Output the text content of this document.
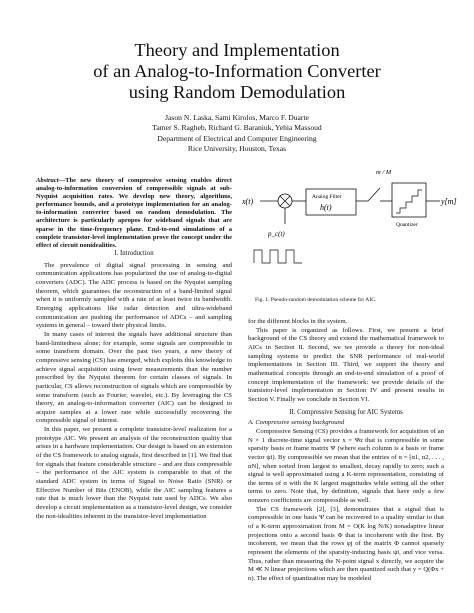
Theory and Implementation
of an Analog-to-Information Converter
using Random Demodulation
Jason N. Laska, Sami Kirolos, Marco F. Duarte
Tamer S. Ragheb, Richard G. Baraniuk, Yehia Massoud
Department of Electrical and Computer Engineering
Rice University, Houston, Texas
Abstract—The new theory of compressive sensing enables direct analog-to-information conversion of compressible signals at sub-Nyquist acquisition rates. We develop new theory, algorithms, performance bounds, and a prototype implementation for an analog-to-information converter based on random demodulation. The architecture is particularly apropos for wideband signals that are sparse in the time-frequency plane. End-to-end simulations of a complete transistor-level implementation prove the concept under the effect of circuit nonidealities.
I. Introduction

The prevalence of digital signal processing in sensing and communication applications has popularized the use of analog-to-digital converters (ADC). The ADC process is based on the Nyquist sampling theorem, which guarantees the reconstruction of a band-limited signal when it is uniformly sampled with a rate of at least twice its bandwidth. Emerging applications like radar detection and ultra-wideband communication are pushing the performance of ADCs – and sampling systems in general – toward their physical limits.

In many cases of interest the signals have additional structure than band-limitedness alone; for example, some signals are compressible in some transform domain. Over the past two years, a new theory of compressive sensing (CS) has emerged, which exploits this knowledge to achieve signal acquisition using fewer measurements than the number prescribed by the Nyquist theorem for certain classes of signals. In particular, CS allows reconstruction of signals which are compressible by some transform (such as Fourier, wavelet, etc.). By leveraging the CS theory, an analog-to-information converter (AIC) can be designed to acquire samples at a lower rate while successfully recovering the compressible signal of interest.

In this paper, we present a complete transistor-level realization for a prototype AIC. We present an analysis of the reconstruction quality that arises in a hardware implementation. Our design is based on an extension of the CS framework to analog signals, first described in [1]. We find that for signals that feature considerable structure – and are thus compressible – the performance of the AIC system is comparable to that of the standard ADC system in terms of Signal to Noise Ratio (SNR) or Effective Number of Bits (ENOB), while the AIC sampling features a rate that is much lower than the Nyquist rate used by ADCs. We also develop a circuit implementation as a transistor-level design, we consider the non-idealities inherent in the transistor-level implementation

x(t)
p_c(t)
Analog Filter
h(t)
m / M
Quantizer
y[m]
Fig. 1. Pseudo-random demodulation scheme for AIC.

for the different blocks in the system.

This paper is organized as follows. First, we present a brief background of the CS theory and extend the mathematical framework to AICs in Section II. Second, we we provide a theory for non-ideal sampling systems to predict the SNR performance of real-world implementations in Section III. Third, we support the theory and mathematical concepts through an end-to-end simulation of a proof of concept implementation of the framework: we provide details of the transistor-level implementation in Section IV and present results in Section V. Finally we conclude in Section VI.

II. Compressive Sensing for AIC Systems
A. Compressive sensing background

Compressive Sensing (CS) provides a framework for acquisition of an N × 1 discrete-time signal vector x = Ψα that is compressible in some sparsity basis or frame matrix Ψ (where each column is a basis or frame vector ψi). By compressible we mean that the entries of α = [α1, α2, . . . , αN], when sorted from largest to smallest, decay rapidly to zero; such a signal is well approximated using a K-term representation, consisting of the terms of α with the K largest magnitudes while setting all the other terms to zero. Note that, by definition, signals that have only a few nonzero coefficients are compressible as well.

The CS framework [2], [3], demonstrates that a signal that is compressible in one basis Ψ can be recovered to a quality similar to that of a K-term approximation from M = O(K log N/K) nonadaptive linear projections onto a second basis Φ that is incoherent with the first. By incoherent, we mean that the rows φj of the matrix Φ cannot sparsely represent the elements of the sparsity-inducing basis ψi, and vice versa. Thus, rather than measuring the N-point signal x directly, we acquire the M ≪ N linear projections which are then quantized such that y = Q(Φx + n). The effect of quantization may be modeled
